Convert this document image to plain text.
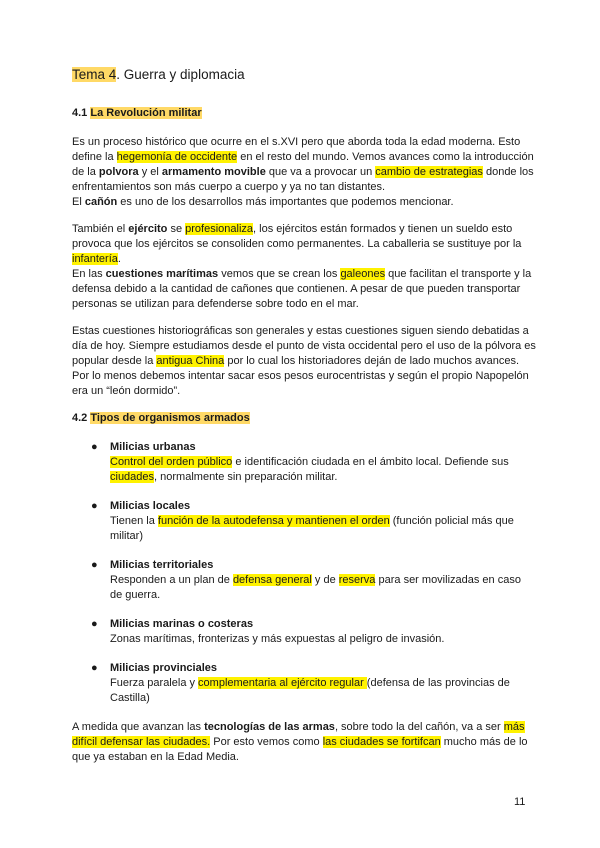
Tema 4. Guerra y diplomacia
4.1 La Revolución militar

Es un proceso histórico que ocurre en el s.XVI pero que aborda toda la edad moderna. Esto define la hegemonía de occidente en el resto del mundo. Vemos avances como la introducción de la polvora y el armamento movible que va a provocar un cambio de estrategias donde los enfrentamientos son más cuerpo a cuerpo y ya no tan distantes.
El cañón es uno de los desarrollos más importantes que podemos mencionar.

También el ejército se profesionaliza, los ejércitos están formados y tienen un sueldo esto provoca que los ejércitos se consoliden como permanentes. La caballeria se sustituye por la infantería.
En las cuestiones marítimas vemos que se crean los galeones que facilitan el transporte y la defensa debido a la cantidad de cañones que contienen. A pesar de que pueden transportar personas se utilizan para defenderse sobre todo en el mar.

Estas cuestiones historiográficas son generales y estas cuestiones siguen siendo debatidas a día de hoy. Siempre estudiamos desde el punto de vista occidental pero el uso de la pólvora es popular desde la antigua China por lo cual los historiadores deján de lado muchos avances. Por lo menos debemos intentar sacar esos pesos eurocentristas y según el propio Napopelón era un “león dormido”.

4.2 Tipos de organismos armados
● Milicias urbanas
Control del orden público e identificación ciudada en el ámbito local. Defiende sus ciudades, normalmente sin preparación militar.
● Milicias locales
Tienen la función de la autodefensa y mantienen el orden (función policial más que militar)
● Milicias territoriales
Responden a un plan de defensa general y de reserva para ser movilizadas en caso de guerra.
● Milicias marinas o costeras
Zonas marítimas, fronterizas y más expuestas al peligro de invasión.
● Milicias provinciales
Fuerza paralela y complementaria al ejército regular (defensa de las provincias de Castilla)

A medida que avanzan las tecnologías de las armas, sobre todo la del cañón, va a ser más difícil defensar las ciudades. Por esto vemos como las ciudades se fortifcan mucho más de lo que ya estaban en la Edad Media.

11
